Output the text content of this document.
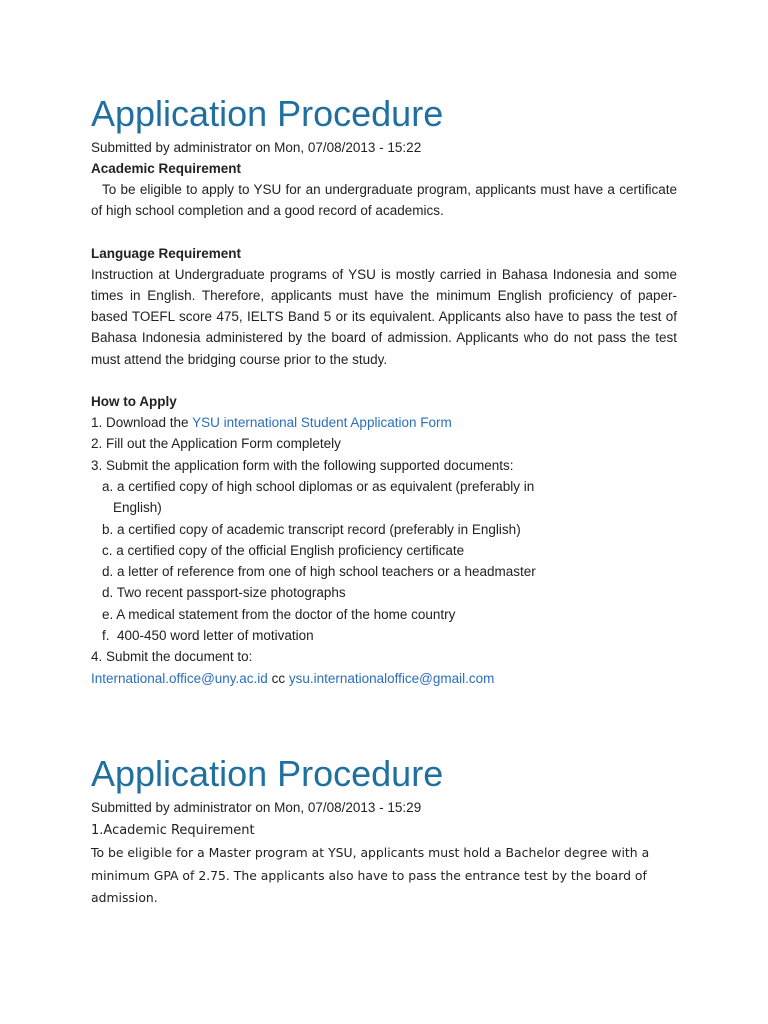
Application Procedure
Submitted by administrator on Mon, 07/08/2013 - 15:22
Academic Requirement

To be eligible to apply to YSU for an undergraduate program, applicants must have a certificate of high school completion and a good record of academics.

Language Requirement

Instruction at Undergraduate programs of YSU is mostly carried in Bahasa Indonesia and some times in English. Therefore, applicants must have the minimum English proficiency of paper-based TOEFL score 475, IELTS Band 5 or its equivalent. Applicants also have to pass the test of Bahasa Indonesia administered by the board of admission. Applicants who do not pass the test must attend the bridging course prior to the study.

How to Apply
1. Download the YSU international Student Application Form
2. Fill out the Application Form completely
3. Submit the application form with the following supported documents:
a. a certified copy of high school diplomas or as equivalent (preferably in English)
b. a certified copy of academic transcript record (preferably in English)
c. a certified copy of the official English proficiency certificate
d. a letter of reference from one of high school teachers or a headmaster
d. Two recent passport-size photographs
e. A medical statement from the doctor of the home country
f.  400-450 word letter of motivation
4. Submit the document to:
International.office@uny.ac.id cc ysu.internationaloffice@gmail.com
Application Procedure
Submitted by administrator on Mon, 07/08/2013 - 15:29
1.Academic Requirement

To be eligible for a Master program at YSU, applicants must hold a Bachelor degree with a minimum GPA of 2.75. The applicants also have to pass the entrance test by the board of admission.
